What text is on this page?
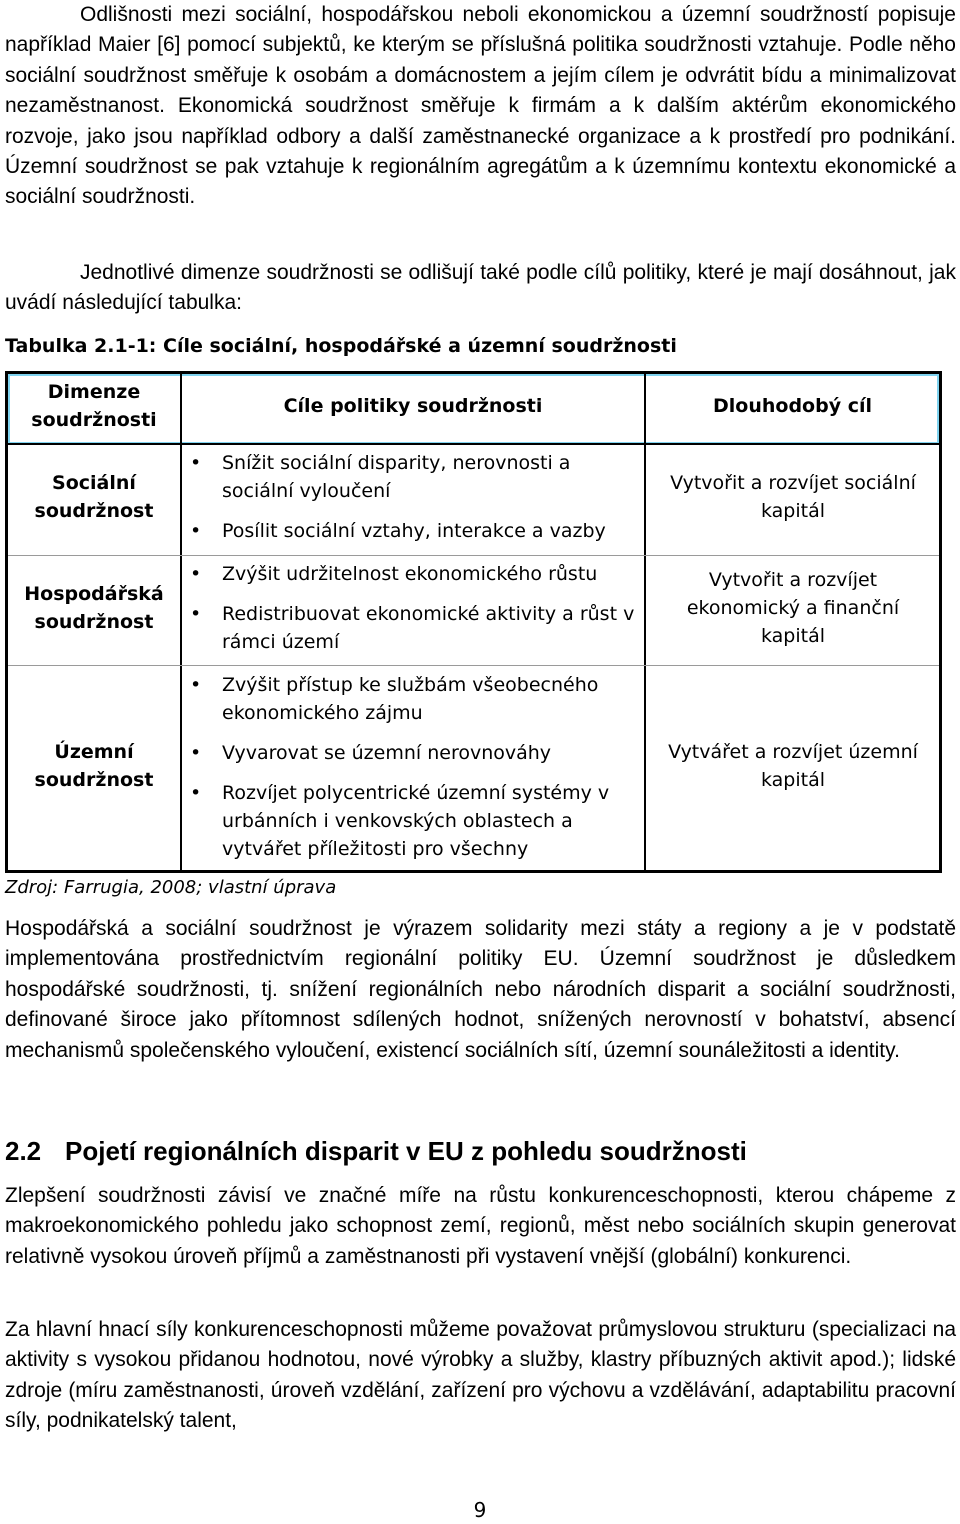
Odlišnosti mezi sociální, hospodářskou neboli ekonomickou a územní soudržností popisuje například Maier [6] pomocí subjektů, ke kterým se příslušná politika soudržnosti vztahuje. Podle něho sociální soudržnost směřuje k osobám a domácnostem a jejím cílem je odvrátit bídu a minimalizovat nezaměstnanost. Ekonomická soudržnost směřuje k firmám a k dalším aktérům ekonomického rozvoje, jako jsou například odbory a další zaměstnanecké organizace a k prostředí pro podnikání. Územní soudržnost se pak vztahuje k regionálním agregátům a k územnímu kontextu ekonomické a sociální soudržnosti.

Jednotlivé dimenze soudržnosti se odlišují také podle cílů politiky, které je mají dosáhnout, jak uvádí následující tabulka:

Tabulka 2.1-1: Cíle sociální, hospodářské a územní soudržnosti

Dimenze soudržnosti
Cíle politiky soudržnosti	Dlouhodobý cíl
Sociální soudržnost
• Snížit sociální disparity, nerovnosti a sociální vyloučení
• Posílit sociální vztahy, interakce a vazby
Vytvořit a rozvíjet sociální kapitál
Hospodářská soudržnost
• Zvýšit udržitelnost ekonomického růstu
• Redistribuovat ekonomické aktivity a růst v rámci území
Vytvořit a rozvíjet ekonomický a finanční kapitál
Územní soudržnost
• Zvýšit přístup ke službám všeobecného ekonomického zájmu
• Vyvarovat se územní nerovnováhy
• Rozvíjet polycentrické územní systémy v urbánních i venkovských oblastech a vytvářet příležitosti pro všechny
Vytvářet a rozvíjet územní kapitál

Zdroj: Farrugia, 2008; vlastní úprava

Hospodářská a sociální soudržnost je výrazem solidarity mezi státy a regiony a je v podstatě implementována prostřednictvím regionální politiky EU. Územní soudržnost je důsledkem hospodářské soudržnosti, tj. snížení regionálních nebo národních disparit a sociální soudržnosti, definované široce jako přítomnost sdílených hodnot, snížených nerovností v bohatství, absencí mechanismů společenského vyloučení, existencí sociálních sítí, územní sounáležitosti a identity.

2.2 Pojetí regionálních disparit v EU z pohledu soudržnosti

Zlepšení soudržnosti závisí ve značné míře na růstu konkurenceschopnosti, kterou chápeme z makroekonomického pohledu jako schopnost zemí, regionů, měst nebo sociálních skupin generovat relativně vysokou úroveň příjmů a zaměstnanosti při vystavení vnější (globální) konkurenci.

Za hlavní hnací síly konkurenceschopnosti můžeme považovat průmyslovou strukturu (specializaci na aktivity s vysokou přidanou hodnotou, nové výrobky a služby, klastry příbuzných aktivit apod.); lidské zdroje (míru zaměstnanosti, úroveň vzdělání, zařízení pro výchovu a vzdělávání, adaptabilitu pracovní síly, podnikatelský talent,

9
